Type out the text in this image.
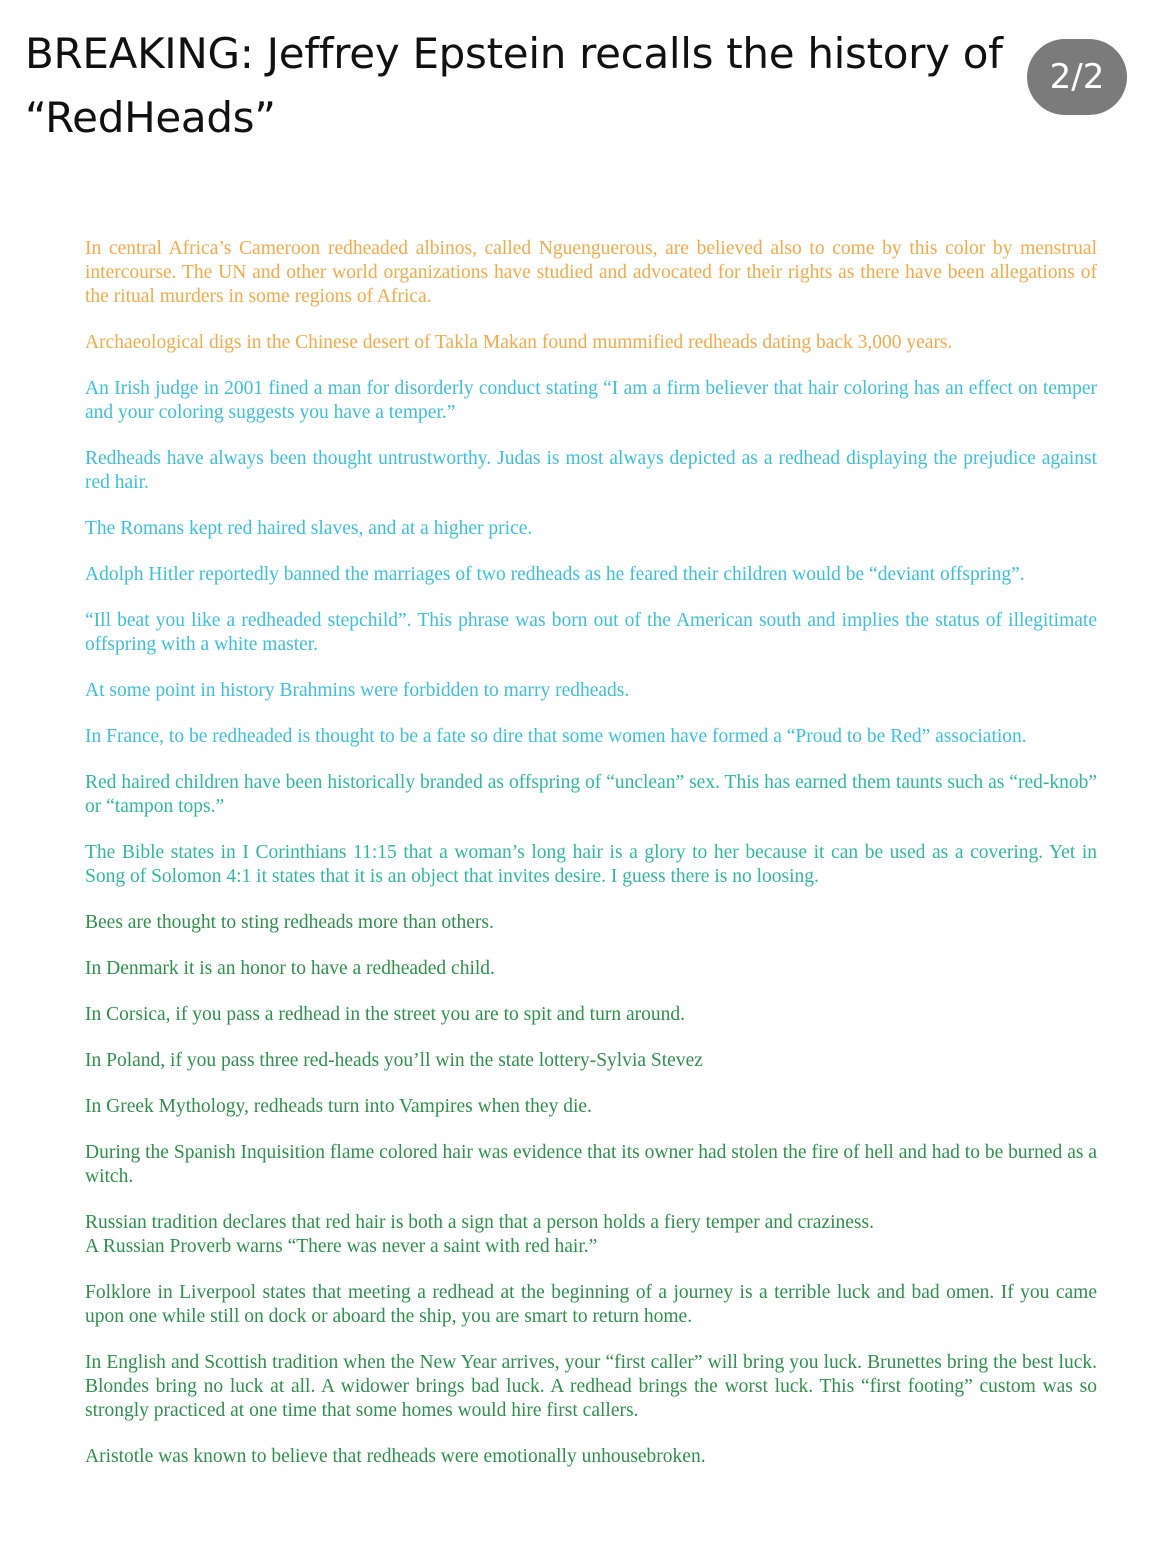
BREAKING: Jeffrey Epstein recalls the history of “RedHeads”
2/2

In central Africa’s Cameroon redheaded albinos, called Nguenguerous, are believed also to come by this color by menstrual intercourse. The UN and other world organizations have studied and advocated for their rights as there have been allegations of the ritual murders in some regions of Africa.

Archaeological digs in the Chinese desert of Takla Makan found mummified redheads dating back 3,000 years.

An Irish judge in 2001 fined a man for disorderly conduct stating “I am a firm believer that hair coloring has an effect on temper and your coloring suggests you have a temper.”

Redheads have always been thought untrustworthy. Judas is most always depicted as a redhead displaying the prejudice against red hair.

The Romans kept red haired slaves, and at a higher price.

Adolph Hitler reportedly banned the marriages of two redheads as he feared their children would be “deviant offspring”.

“Ill beat you like a redheaded stepchild”. This phrase was born out of the American south and implies the status of illegitimate offspring with a white master.

At some point in history Brahmins were forbidden to marry redheads.

In France, to be redheaded is thought to be a fate so dire that some women have formed a “Proud to be Red” association.

Red haired children have been historically branded as offspring of “unclean” sex. This has earned them taunts such as “red-knob” or “tampon tops.”

The Bible states in I Corinthians 11:15 that a woman’s long hair is a glory to her because it can be used as a covering. Yet in Song of Solomon 4:1 it states that it is an object that invites desire. I guess there is no loosing.

Bees are thought to sting redheads more than others.

In Denmark it is an honor to have a redheaded child.

In Corsica, if you pass a redhead in the street you are to spit and turn around.

In Poland, if you pass three red-heads you’ll win the state lottery-Sylvia Stevez

In Greek Mythology, redheads turn into Vampires when they die.

During the Spanish Inquisition flame colored hair was evidence that its owner had stolen the fire of hell and had to be burned as a witch.

Russian tradition declares that red hair is both a sign that a person holds a fiery temper and craziness.
A Russian Proverb warns “There was never a saint with red hair.”

Folklore in Liverpool states that meeting a redhead at the beginning of a journey is a terrible luck and bad omen. If you came upon one while still on dock or aboard the ship, you are smart to return home.

In English and Scottish tradition when the New Year arrives, your “first caller” will bring you luck. Brunettes bring the best luck. Blondes bring no luck at all. A widower brings bad luck. A redhead brings the worst luck. This “first footing” custom was so strongly practiced at one time that some homes would hire first callers.

Aristotle was known to believe that redheads were emotionally unhousebroken.
